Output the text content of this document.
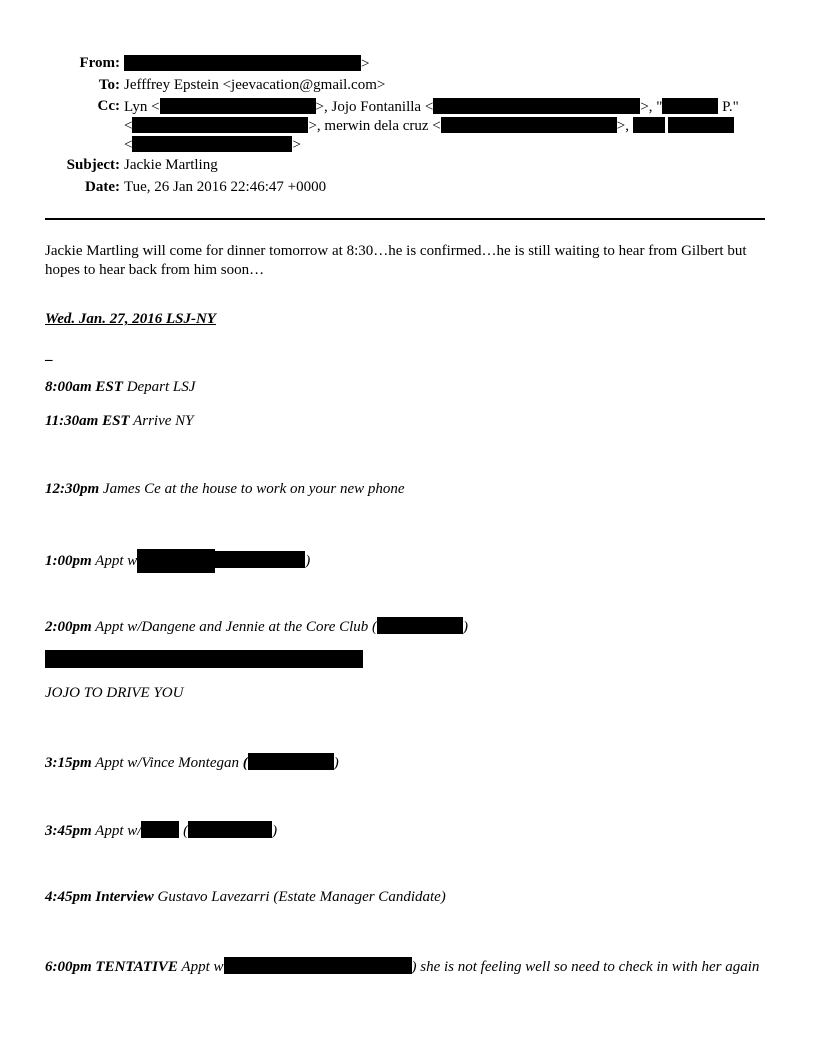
From:	>
To: Jefffrey Epstein <jeevacation@gmail.com>
Cc: Lyn <	>, Jojo Fontanilla <	>, "	P."
<	>, merwin dela cruz <	>,
<	>
Subject: Jackie Martling
Date: Tue, 26 Jan 2016 22:46:47 +0000
Jackie Martling will come for dinner tomorrow at 8:30…he is confirmed…he is still waiting to hear from Gilbert but hopes to hear back from him soon…
Wed. Jan. 27, 2016 LSJ-NY
_
8:00am EST Depart LSJ
11:30am EST Arrive NY
12:30pm James Ce at the house to work on your new phone
1:00pm Appt w	)
2:00pm Appt w/Dangene and Jennie at the Core Club (	)
JOJO TO DRIVE YOU
3:15pm Appt w/Vince Montegan (	)
3:45pm Appt w/	(	)
4:45pm Interview Gustavo Lavezarri (Estate Manager Candidate)
6:00pm TENTATIVE Appt w	) she is not feeling well so need to check in with her again
